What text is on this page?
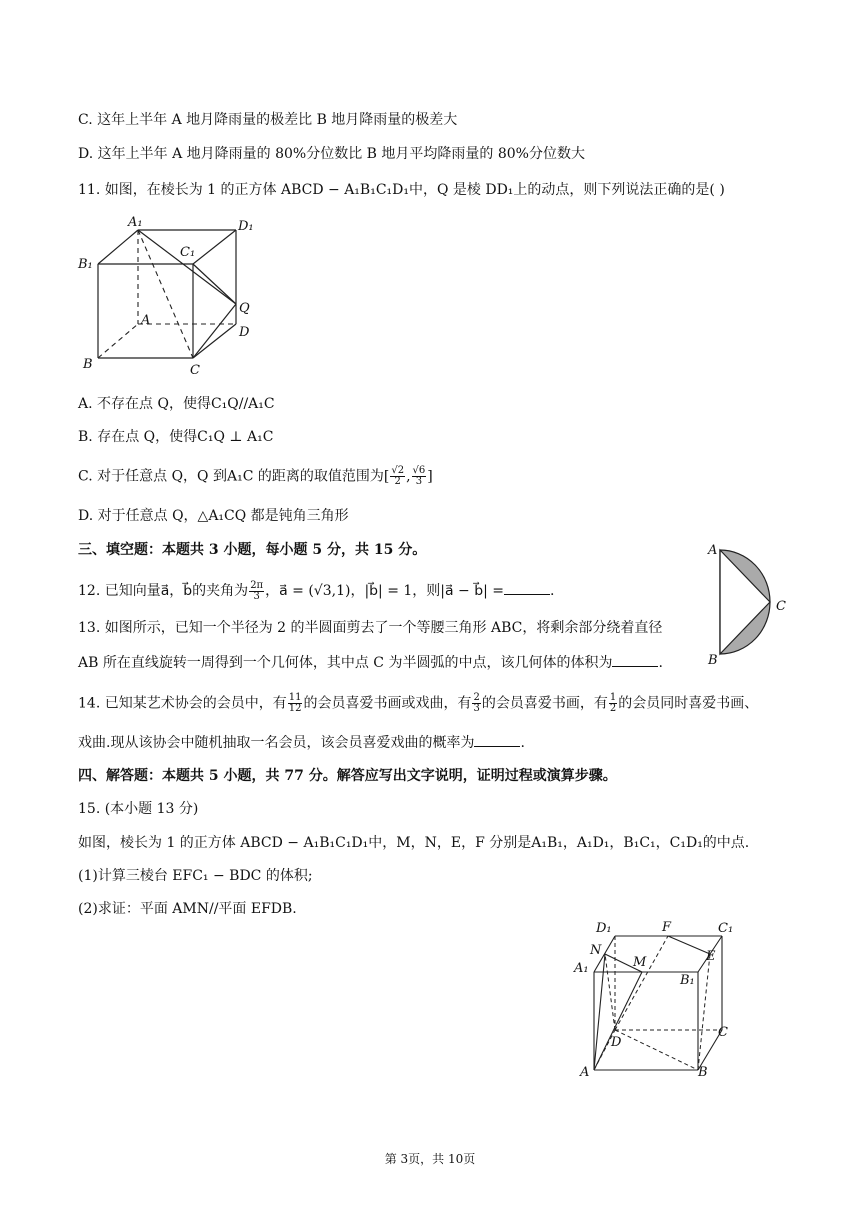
C. 这年上半年 A 地月降雨量的极差比 B 地月降雨量的极差大
D. 这年上半年 A 地月降雨量的 80%分位数比 B 地月平均降雨量的 80%分位数大
11. 如图，在棱长为 1 的正方体 ABCD − A₁B₁C₁D₁中，Q 是棱 DD₁上的动点，则下列说法正确的是( )
A₁	D₁
B₁
C₁
Q
A
D
B	C
A. 不存在点 Q，使得C₁Q//A₁C
B. 存在点 Q，使得C₁Q ⊥ A₁C
C. 对于任意点 Q，Q 到A₁C 的距离的取值范围为[ $\frac{√2}{2}$ , $\frac{√6}{3}$ ]
D. 对于任意点 Q，△A₁CQ 都是钝角三角形
三、填空题：本题共 3 小题，每小题 5 分，共 15 分。
12. 已知向量a⃗，b⃗的夹角为 $\frac{2\pi}{3}$ ，a⃗ = (√3,1)，|b⃗| = 1，则|a⃗ − b⃗| =	.
A
C
B
13. 如图所示，已知一个半径为 2 的半圆面剪去了一个等腰三角形 ABC，将剩余部分绕着直径
AB 所在直线旋转一周得到一个几何体，其中点 C 为半圆弧的中点，该几何体的体积为	.
14. 已知某艺术协会的会员中，有 $\frac{11}{12}$ 的会员喜爱书画或戏曲，有 $\frac{2}{3}$ 的会员喜爱书画，有 $\frac{1}{2}$ 的会员同时喜爱书画、
戏曲.现从该协会中随机抽取一名会员，该会员喜爱戏曲的概率为	.
四、解答题：本题共 5 小题，共 77 分。解答应写出文字说明，证明过程或演算步骤。
15. (本小题 13 分)
如图，棱长为 1 的正方体 ABCD − A₁B₁C₁D₁中，M，N，E，F 分别是A₁B₁，A₁D₁，B₁C₁，C₁D₁的中点.
(1)计算三棱台 EFC₁ − BDC 的体积;
(2)求证：平面 AMN//平面 EFDB.
D₁	F	C₁
N
M
A₁
E
B₁
C
D
A	B
第 3页，共 10页
